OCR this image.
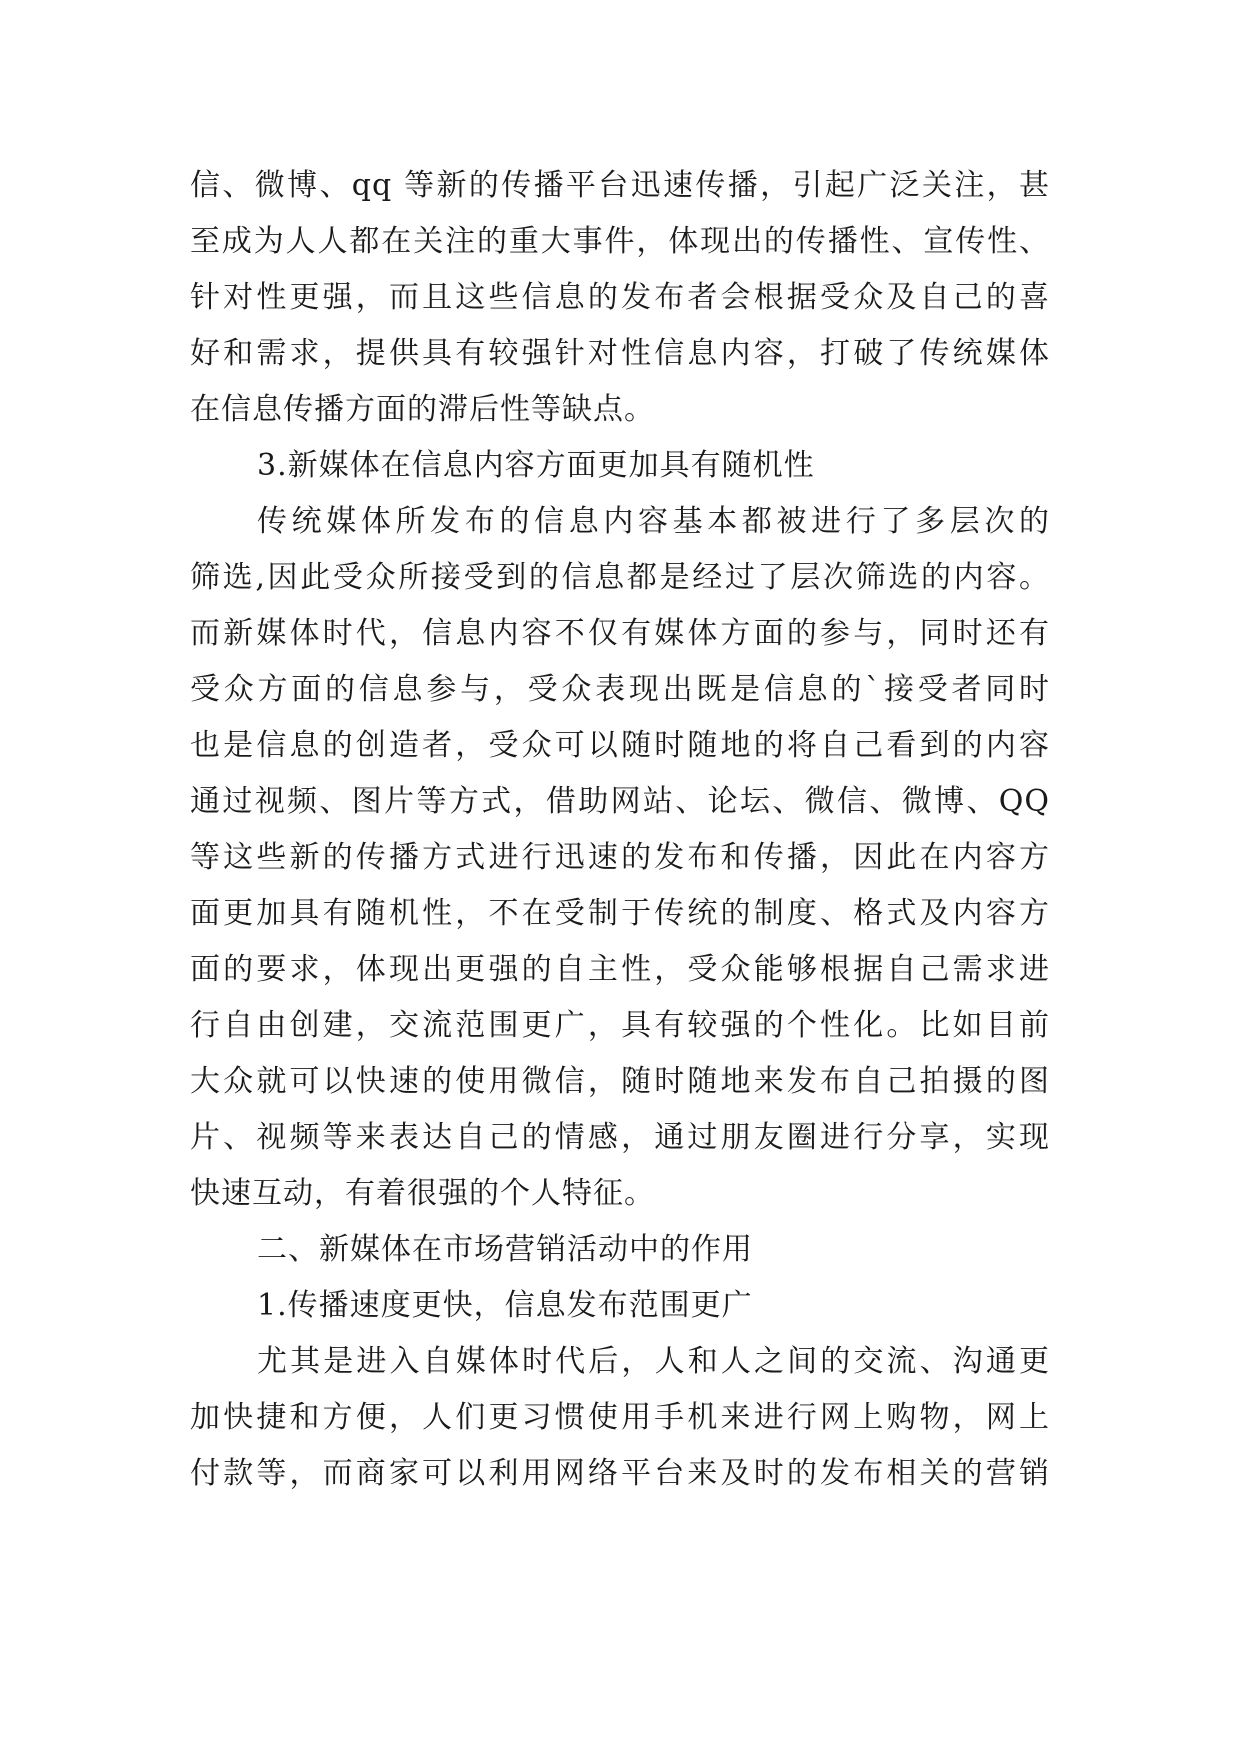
信、微博、qq 等新的传播平台迅速传播，引起广泛关注，甚
至成为人人都在关注的重大事件，体现出的传播性、宣传性、
针对性更强，而且这些信息的发布者会根据受众及自己的喜
好和需求，提供具有较强针对性信息内容，打破了传统媒体
在信息传播方面的滞后性等缺点。
3.新媒体在信息内容方面更加具有随机性
传统媒体所发布的信息内容基本都被进行了多层次的
筛选,因此受众所接受到的信息都是经过了层次筛选的内容。
而新媒体时代，信息内容不仅有媒体方面的参与，同时还有
受众方面的信息参与，受众表现出既是信息的`接受者同时
也是信息的创造者，受众可以随时随地的将自己看到的内容
通过视频、图片等方式，借助网站、论坛、微信、微博、QQ
等这些新的传播方式进行迅速的发布和传播，因此在内容方
面更加具有随机性，不在受制于传统的制度、格式及内容方
面的要求，体现出更强的自主性，受众能够根据自己需求进
行自由创建，交流范围更广，具有较强的个性化。比如目前
大众就可以快速的使用微信，随时随地来发布自己拍摄的图
片、视频等来表达自己的情感，通过朋友圈进行分享，实现
快速互动，有着很强的个人特征。
二、新媒体在市场营销活动中的作用
1.传播速度更快，信息发布范围更广
尤其是进入自媒体时代后，人和人之间的交流、沟通更
加快捷和方便，人们更习惯使用手机来进行网上购物，网上
付款等，而商家可以利用网络平台来及时的发布相关的营销
